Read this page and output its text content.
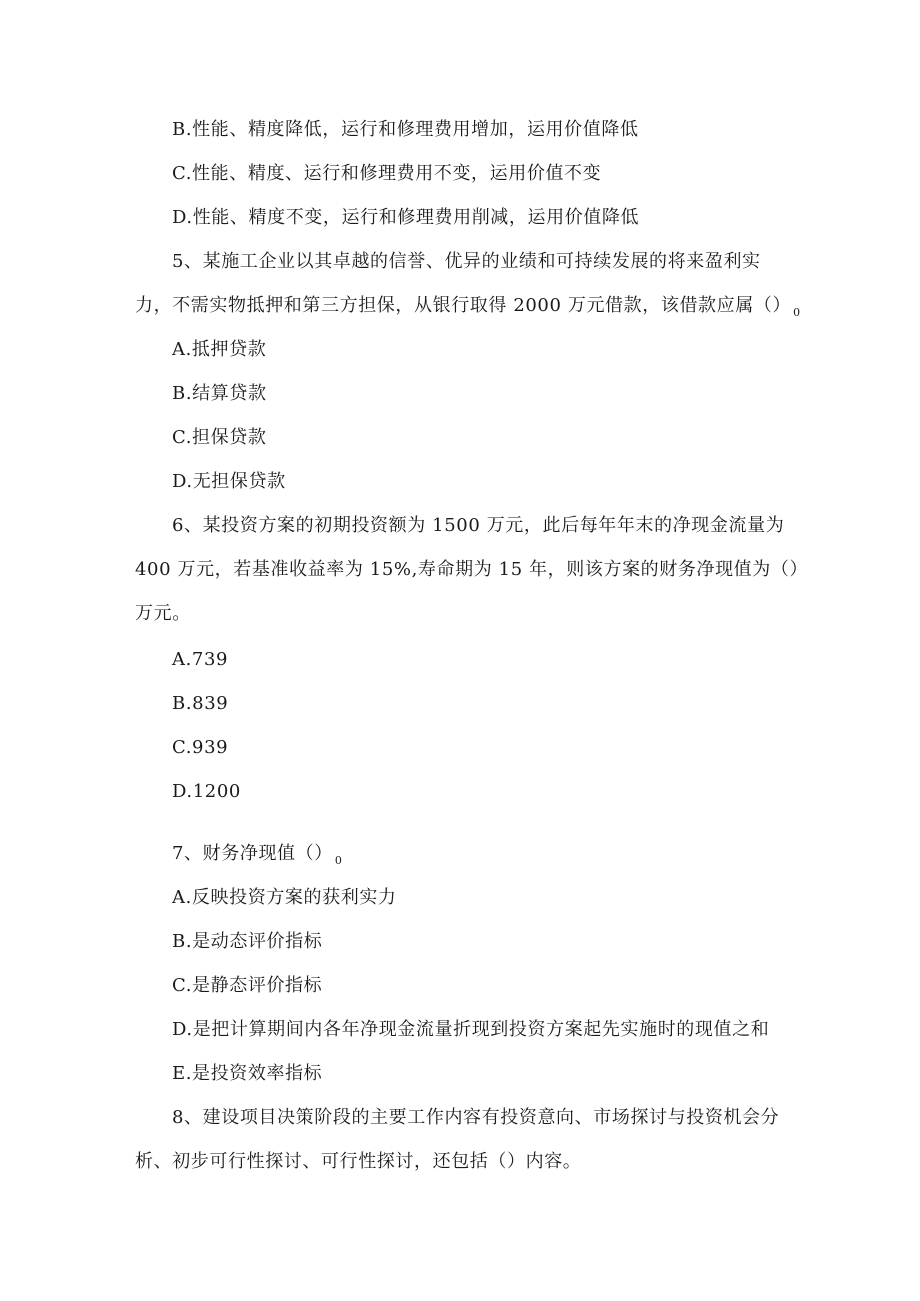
B.性能、精度降低，运行和修理费用增加，运用价值降低
C.性能、精度、运行和修理费用不变，运用价值不变
D.性能、精度不变，运行和修理费用削减，运用价值降低
5、某施工企业以其卓越的信誉、优异的业绩和可持续发展的将来盈利实
力，不需实物抵押和第三方担保，从银行取得 2000 万元借款，该借款应属（） $_0$
A.抵押贷款
B.结算贷款
C.担保贷款
D.无担保贷款
6、某投资方案的初期投资额为 1500 万元，此后每年年末的净现金流量为
400 万元，若基准收益率为 15%,寿命期为 15 年，则该方案的财务净现值为（）
万元。
A.739
B.839
C.939
D.1200
7、财务净现值（） $_0$
A.反映投资方案的获利实力
B.是动态评价指标
C.是静态评价指标
D.是把计算期间内各年净现金流量折现到投资方案起先实施时的现值之和
E.是投资效率指标
8、建设项目决策阶段的主要工作内容有投资意向、市场探讨与投资机会分
析、初步可行性探讨、可行性探讨，还包括（）内容。
